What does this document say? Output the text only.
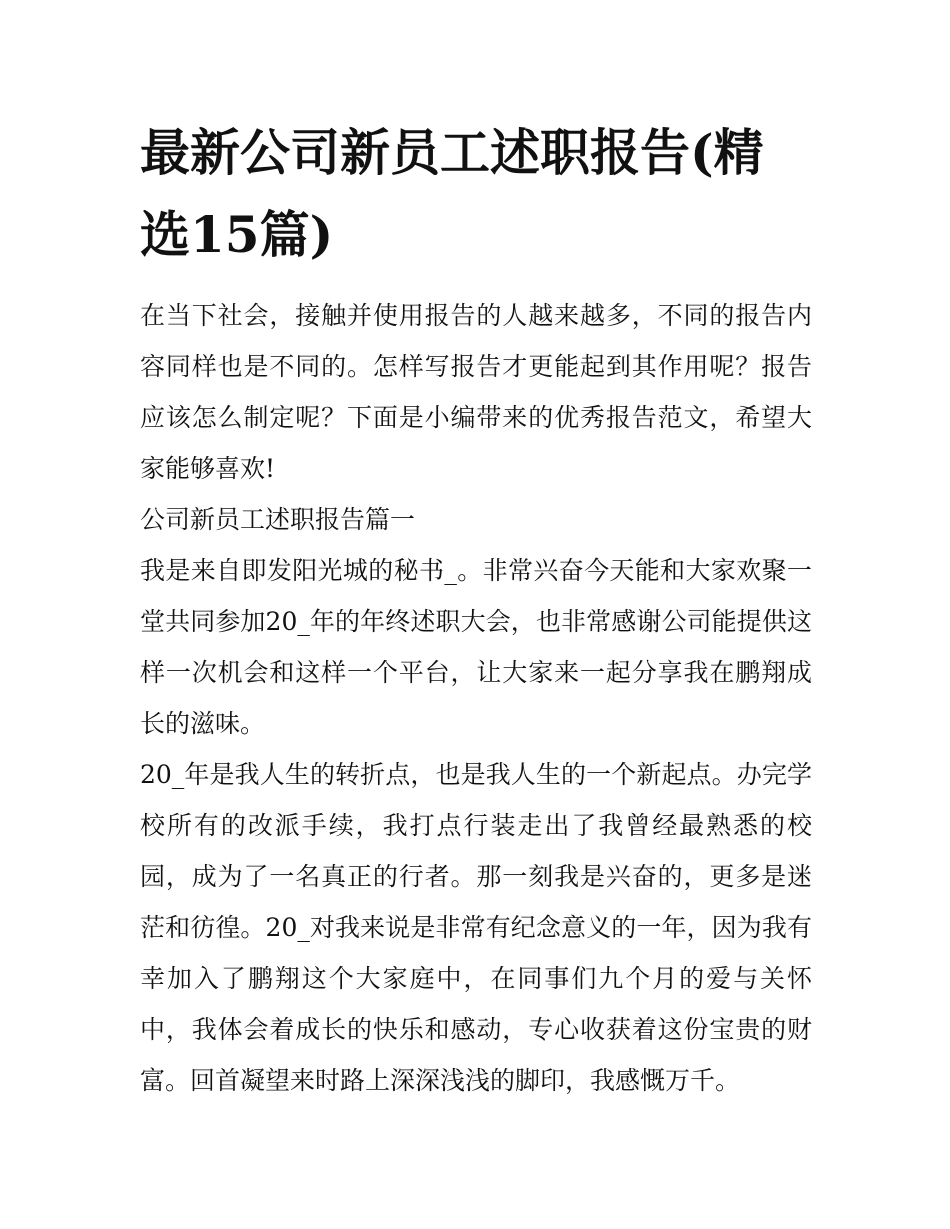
最新公司新员工述职报告(精选15篇)

在当下社会，接触并使用报告的人越来越多，不同的报告内容同样也是不同的。怎样写报告才更能起到其作用呢？报告应该怎么制定呢？下面是小编带来的优秀报告范文，希望大家能够喜欢!

公司新员工述职报告篇一

我是来自即发阳光城的秘书_。非常兴奋今天能和大家欢聚一堂共同参加20_年的年终述职大会，也非常感谢公司能提供这样一次机会和这样一个平台，让大家来一起分享我在鹏翔成长的滋味。

20_年是我人生的转折点，也是我人生的一个新起点。办完学校所有的改派手续，我打点行装走出了我曾经最熟悉的校园，成为了一名真正的行者。那一刻我是兴奋的，更多是迷茫和彷徨。20_对我来说是非常有纪念意义的一年，因为我有幸加入了鹏翔这个大家庭中，在同事们九个月的爱与关怀中，我体会着成长的快乐和感动，专心收获着这份宝贵的财富。回首凝望来时路上深深浅浅的脚印，我感慨万千。
